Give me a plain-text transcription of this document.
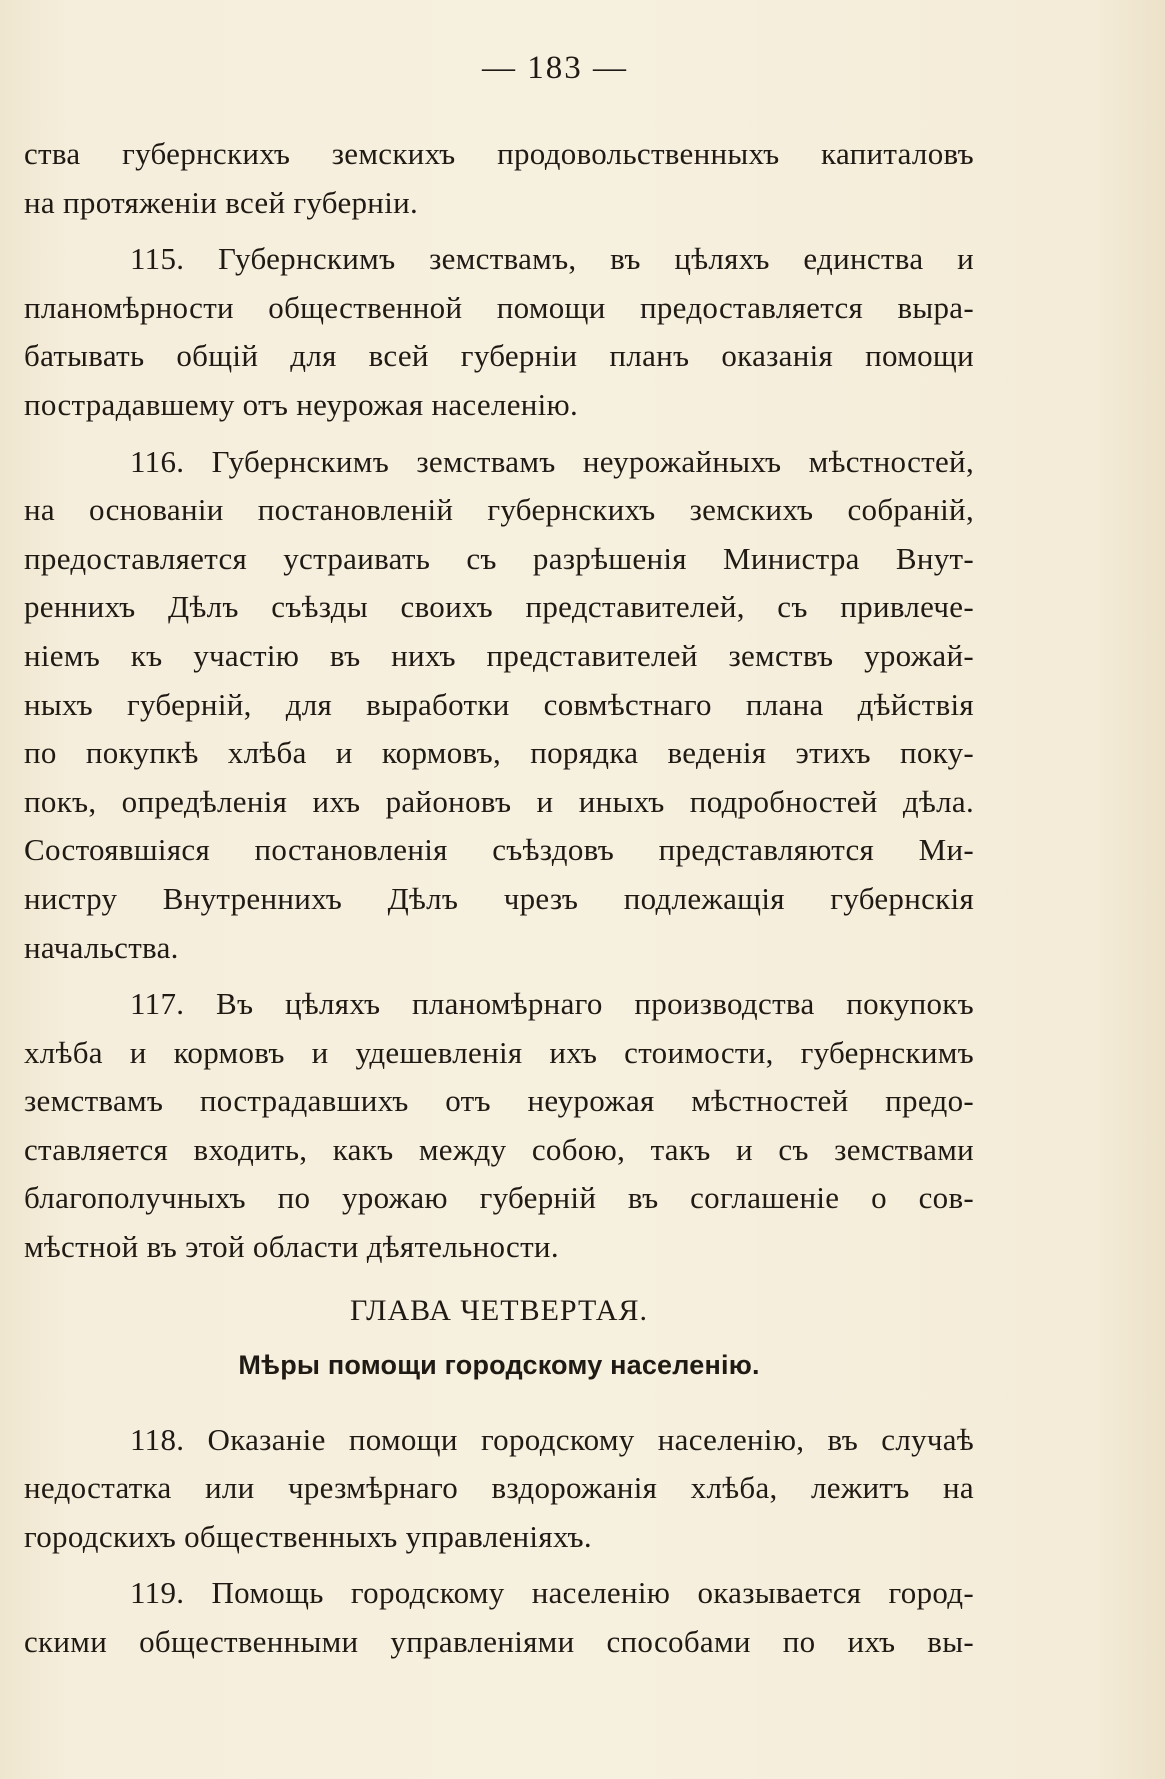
— 183 —
ства губернскихъ земскихъ продовольственныхъ капиталовъ
на протяженіи всей губерніи.
115. Губернскимъ земствамъ, въ цѣляхъ единства и
планомѣрности общественной помощи предоставляется выра-
батывать общій для всей губерніи планъ оказанія помощи
пострадавшему отъ неурожая населенію.
116. Губернскимъ земствамъ неурожайныхъ мѣстностей,
на основаніи постановленій губернскихъ земскихъ собраній,
предоставляется устраивать съ разрѣшенія Министра Внут-
реннихъ Дѣлъ съѣзды своихъ представителей, съ привлече-
ніемъ къ участію въ нихъ представителей земствъ урожай-
ныхъ губерній, для выработки совмѣстнаго плана дѣйствія
по покупкѣ хлѣба и кормовъ, порядка веденія этихъ поку-
покъ, опредѣленія ихъ районовъ и иныхъ подробностей дѣла.
Состоявшіяся постановленія съѣздовъ представляются Ми-
нистру Внутреннихъ Дѣлъ чрезъ подлежащія губернскія
начальства.
117. Въ цѣляхъ планомѣрнаго производства покупокъ
хлѣба и кормовъ и удешевленія ихъ стоимости, губернскимъ
земствамъ пострадавшихъ отъ неурожая мѣстностей предо-
ставляется входить, какъ между собою, такъ и съ земствами
благополучныхъ по урожаю губерній въ соглашеніе о сов-
мѣстной въ этой области дѣятельности.
ГЛАВА ЧЕТВЕРТАЯ.
Мѣры помощи городскому населенію.
118. Оказаніе помощи городскому населенію, въ случаѣ
недостатка или чрезмѣрнаго вздорожанія хлѣба, лежитъ на
городскихъ общественныхъ управленіяхъ.
119. Помощь городскому населенію оказывается город-
скими общественными управленіями способами по ихъ вы-
